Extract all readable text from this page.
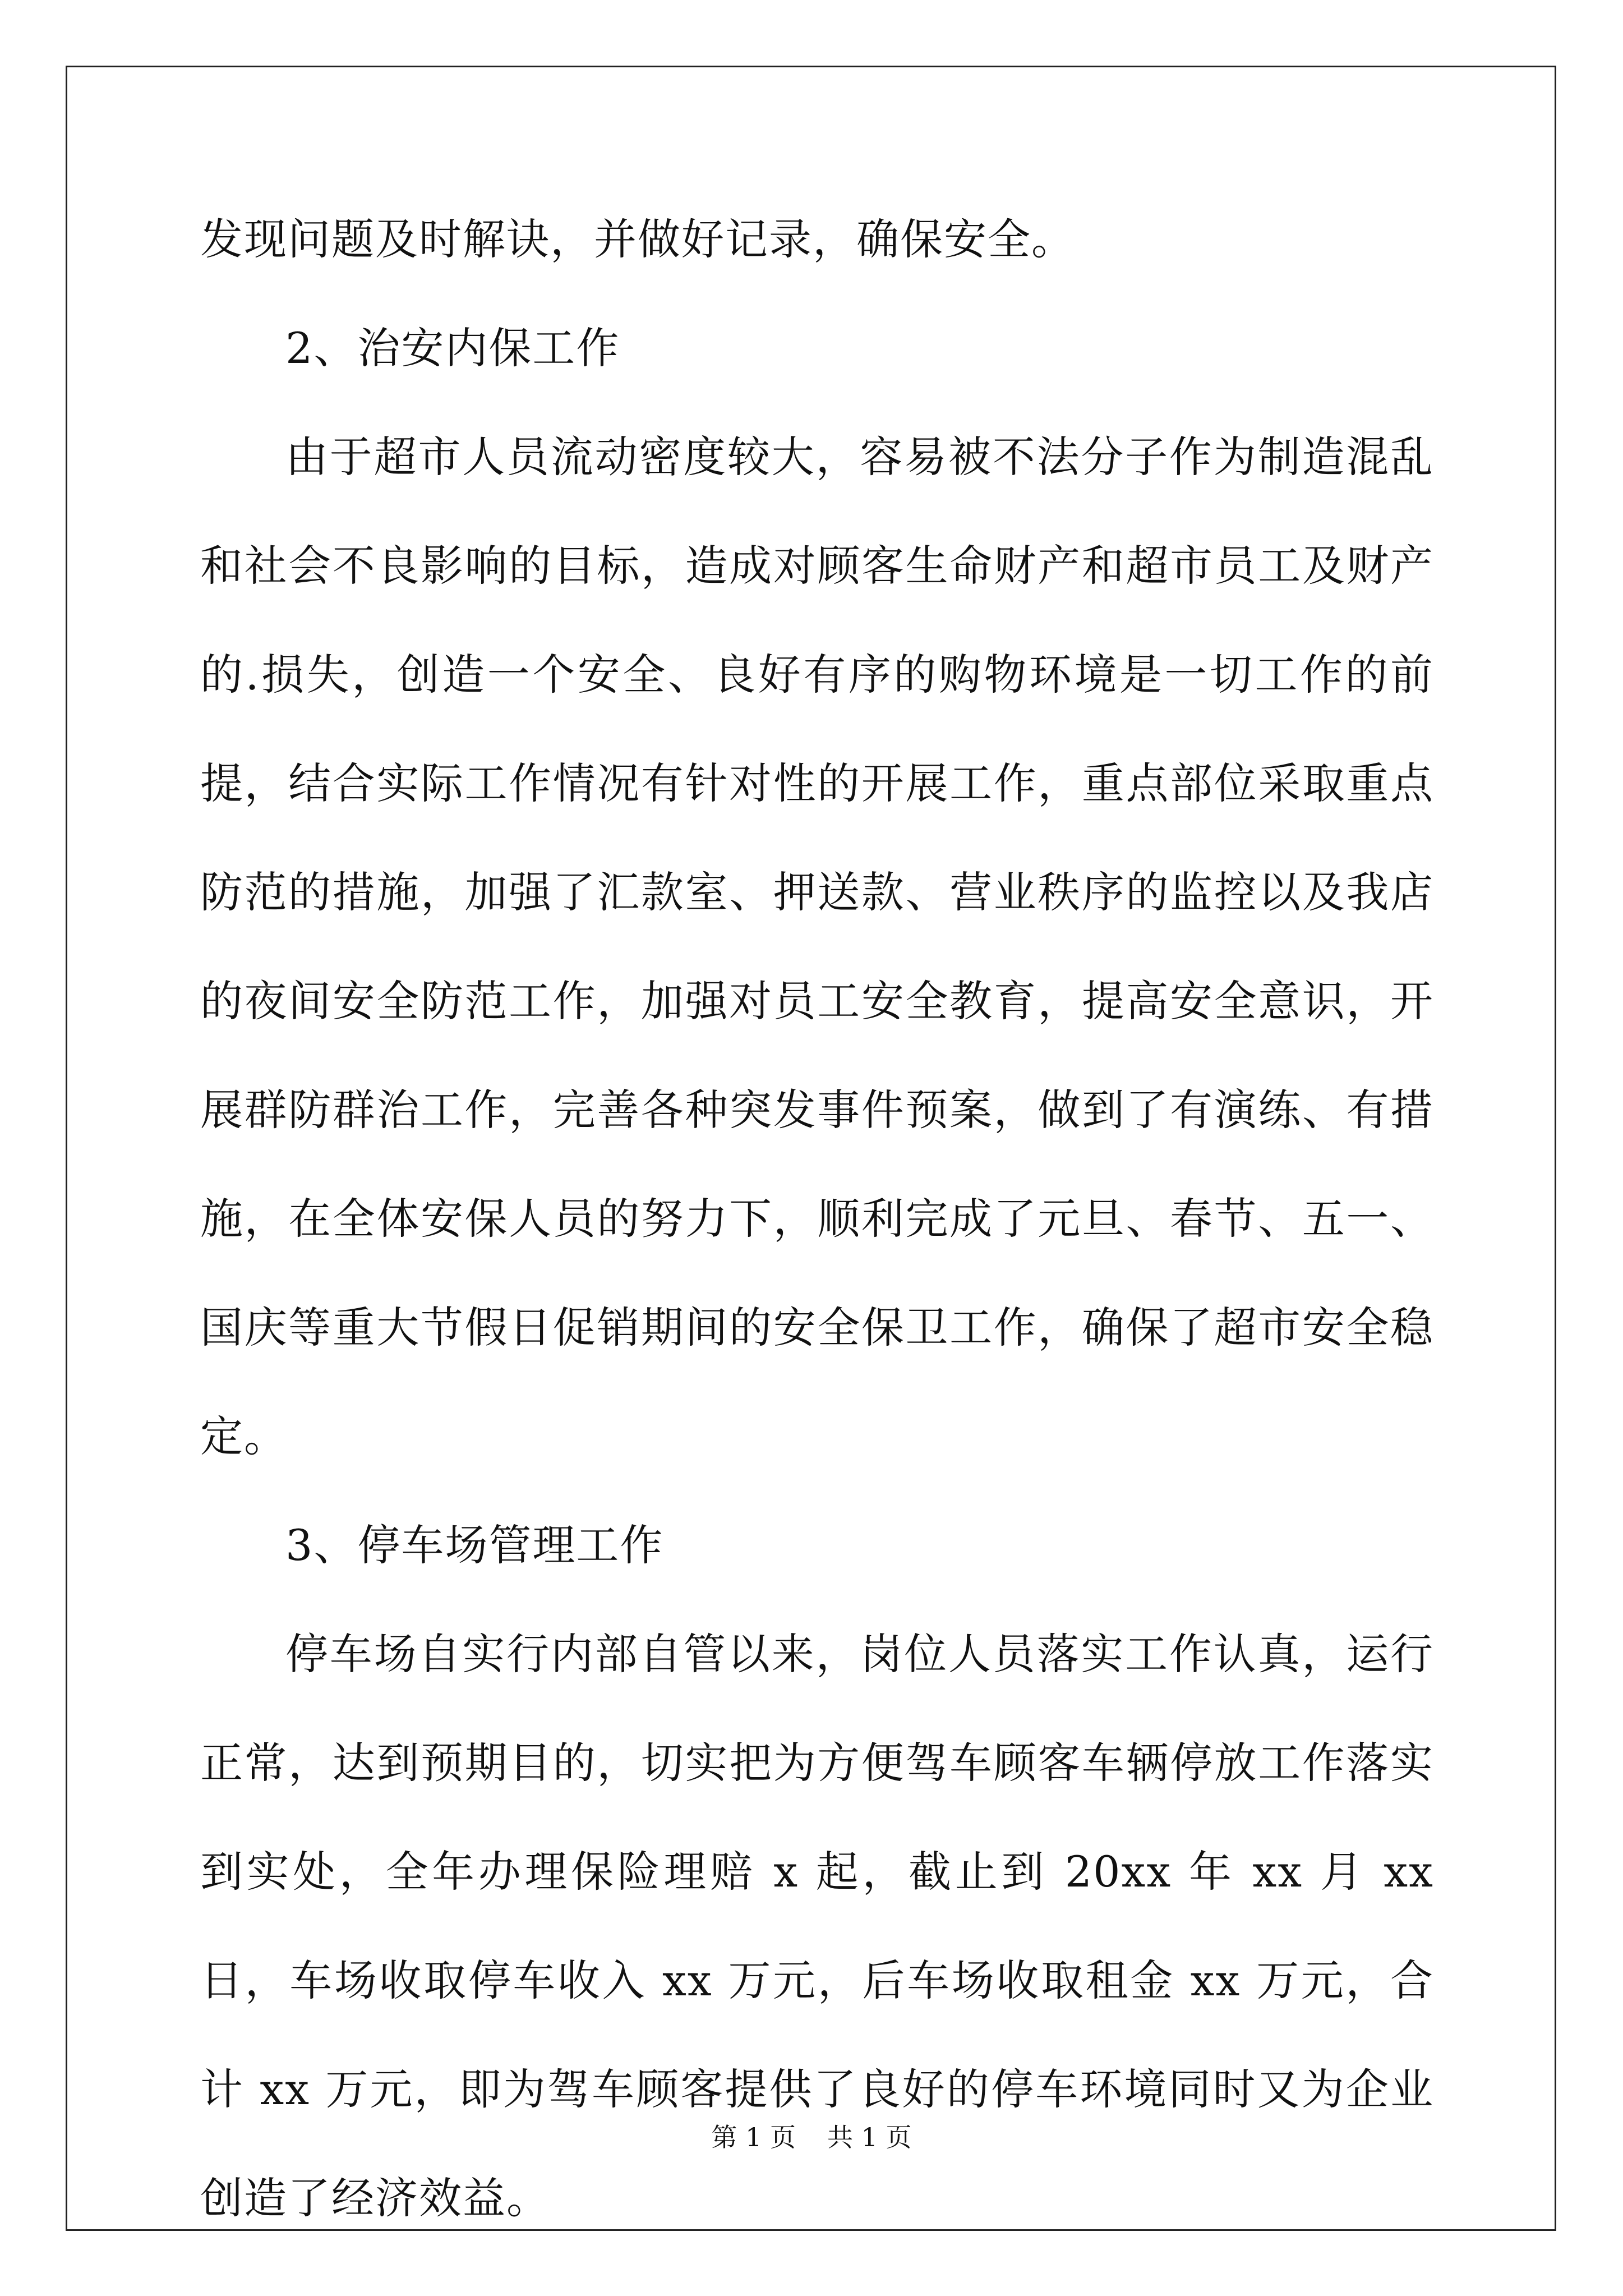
发现问题及时解诀，并做好记录，确保安全。

2、治安内保工作

由于超市人员流动密度较大，容易被不法分子作为制造混乱和社会不良影响的目标，造成对顾客生命财产和超市员工及财产的.损失，创造一个安全、良好有序的购物环境是一切工作的前提，结合实际工作情况有针对性的开展工作，重点部位采取重点防范的措施，加强了汇款室、押送款、营业秩序的监控以及我店的夜间安全防范工作，加强对员工安全教育，提高安全意识，开展群防群治工作，完善各种突发事件预案，做到了有演练、有措施，在全体安保人员的努力下，顺利完成了元旦、春节、五一、国庆等重大节假日促销期间的安全保卫工作，确保了超市安全稳定。

3、停车场管理工作

停车场自实行内部自管以来，岗位人员落实工作认真，运行正常，达到预期目的，切实把为方便驾车顾客车辆停放工作落实到实处，全年办理保险理赔 x 起，截止到 20xx 年 xx 月 xx 日，车场收取停车收入 xx 万元，后车场收取租金 xx 万元，合计 xx 万元，即为驾车顾客提供了良好的停车环境同时又为企业创造了经济效益。

第 1 页 共 1 页
